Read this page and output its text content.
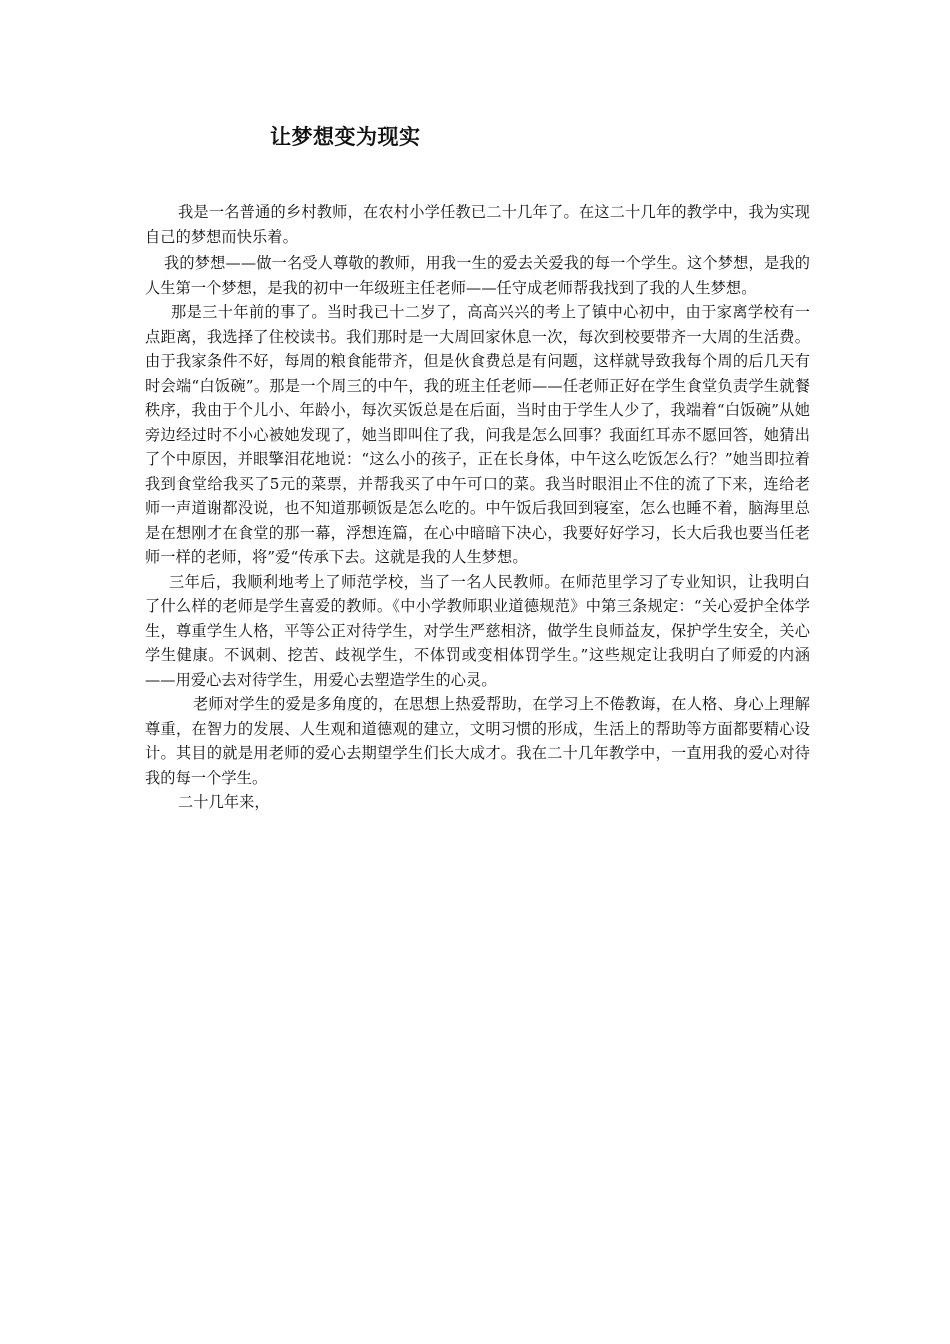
让梦想变为现实

我是一名普通的乡村教师，在农村小学任教已二十几年了。在这二十几年的教学中，我为实现自己的梦想而快乐着。

我的梦想——做一名受人尊敬的教师，用我一生的爱去关爱我的每一个学生。这个梦想，是我的人生第一个梦想，是我的初中一年级班主任老师——任守成老师帮我找到了我的人生梦想。

那是三十年前的事了。当时我已十二岁了，高高兴兴的考上了镇中心初中，由于家离学校有一点距离，我选择了住校读书。我们那时是一大周回家休息一次，每次到校要带齐一大周的生活费。由于我家条件不好，每周的粮食能带齐，但是伙食费总是有问题，这样就导致我每个周的后几天有时会端“白饭碗”。那是一个周三的中午，我的班主任老师——任老师正好在学生食堂负责学生就餐秩序，我由于个儿小、年龄小，每次买饭总是在后面，当时由于学生人少了，我端着“白饭碗”从她旁边经过时不小心被她发现了，她当即叫住了我，问我是怎么回事？我面红耳赤不愿回答，她猜出了个中原因，并眼擎泪花地说：“这么小的孩子，正在长身体，中午这么吃饭怎么行？”她当即拉着我到食堂给我买了5元的菜票，并帮我买了中午可口的菜。我当时眼泪止不住的流了下来，连给老师一声道谢都没说，也不知道那顿饭是怎么吃的。中午饭后我回到寝室，怎么也睡不着，脑海里总是在想刚才在食堂的那一幕，浮想连篇，在心中暗暗下决心，我要好好学习，长大后我也要当任老师一样的老师，将”爱“传承下去。这就是我的人生梦想。

三年后，我顺利地考上了师范学校，当了一名人民教师。在师范里学习了专业知识，让我明白了什么样的老师是学生喜爱的教师。《中小学教师职业道德规范》中第三条规定：“关心爱护全体学生，尊重学生人格，平等公正对待学生，对学生严慈相济，做学生良师益友，保护学生安全，关心学生健康。不讽刺、挖苦、歧视学生，不体罚或变相体罚学生。”这些规定让我明白了师爱的内涵——用爱心去对待学生，用爱心去塑造学生的心灵。

老师对学生的爱是多角度的，在思想上热爱帮助，在学习上不倦教诲，在人格、身心上理解 尊重，在智力的发展、人生观和道德观的建立，文明习惯的形成，生活上的帮助等方面都要精心设计。其目的就是用老师的爱心去期望学生们长大成才。我在二十几年教学中，一直用我的爱心对待我的每一个学生。

二十几年来，
